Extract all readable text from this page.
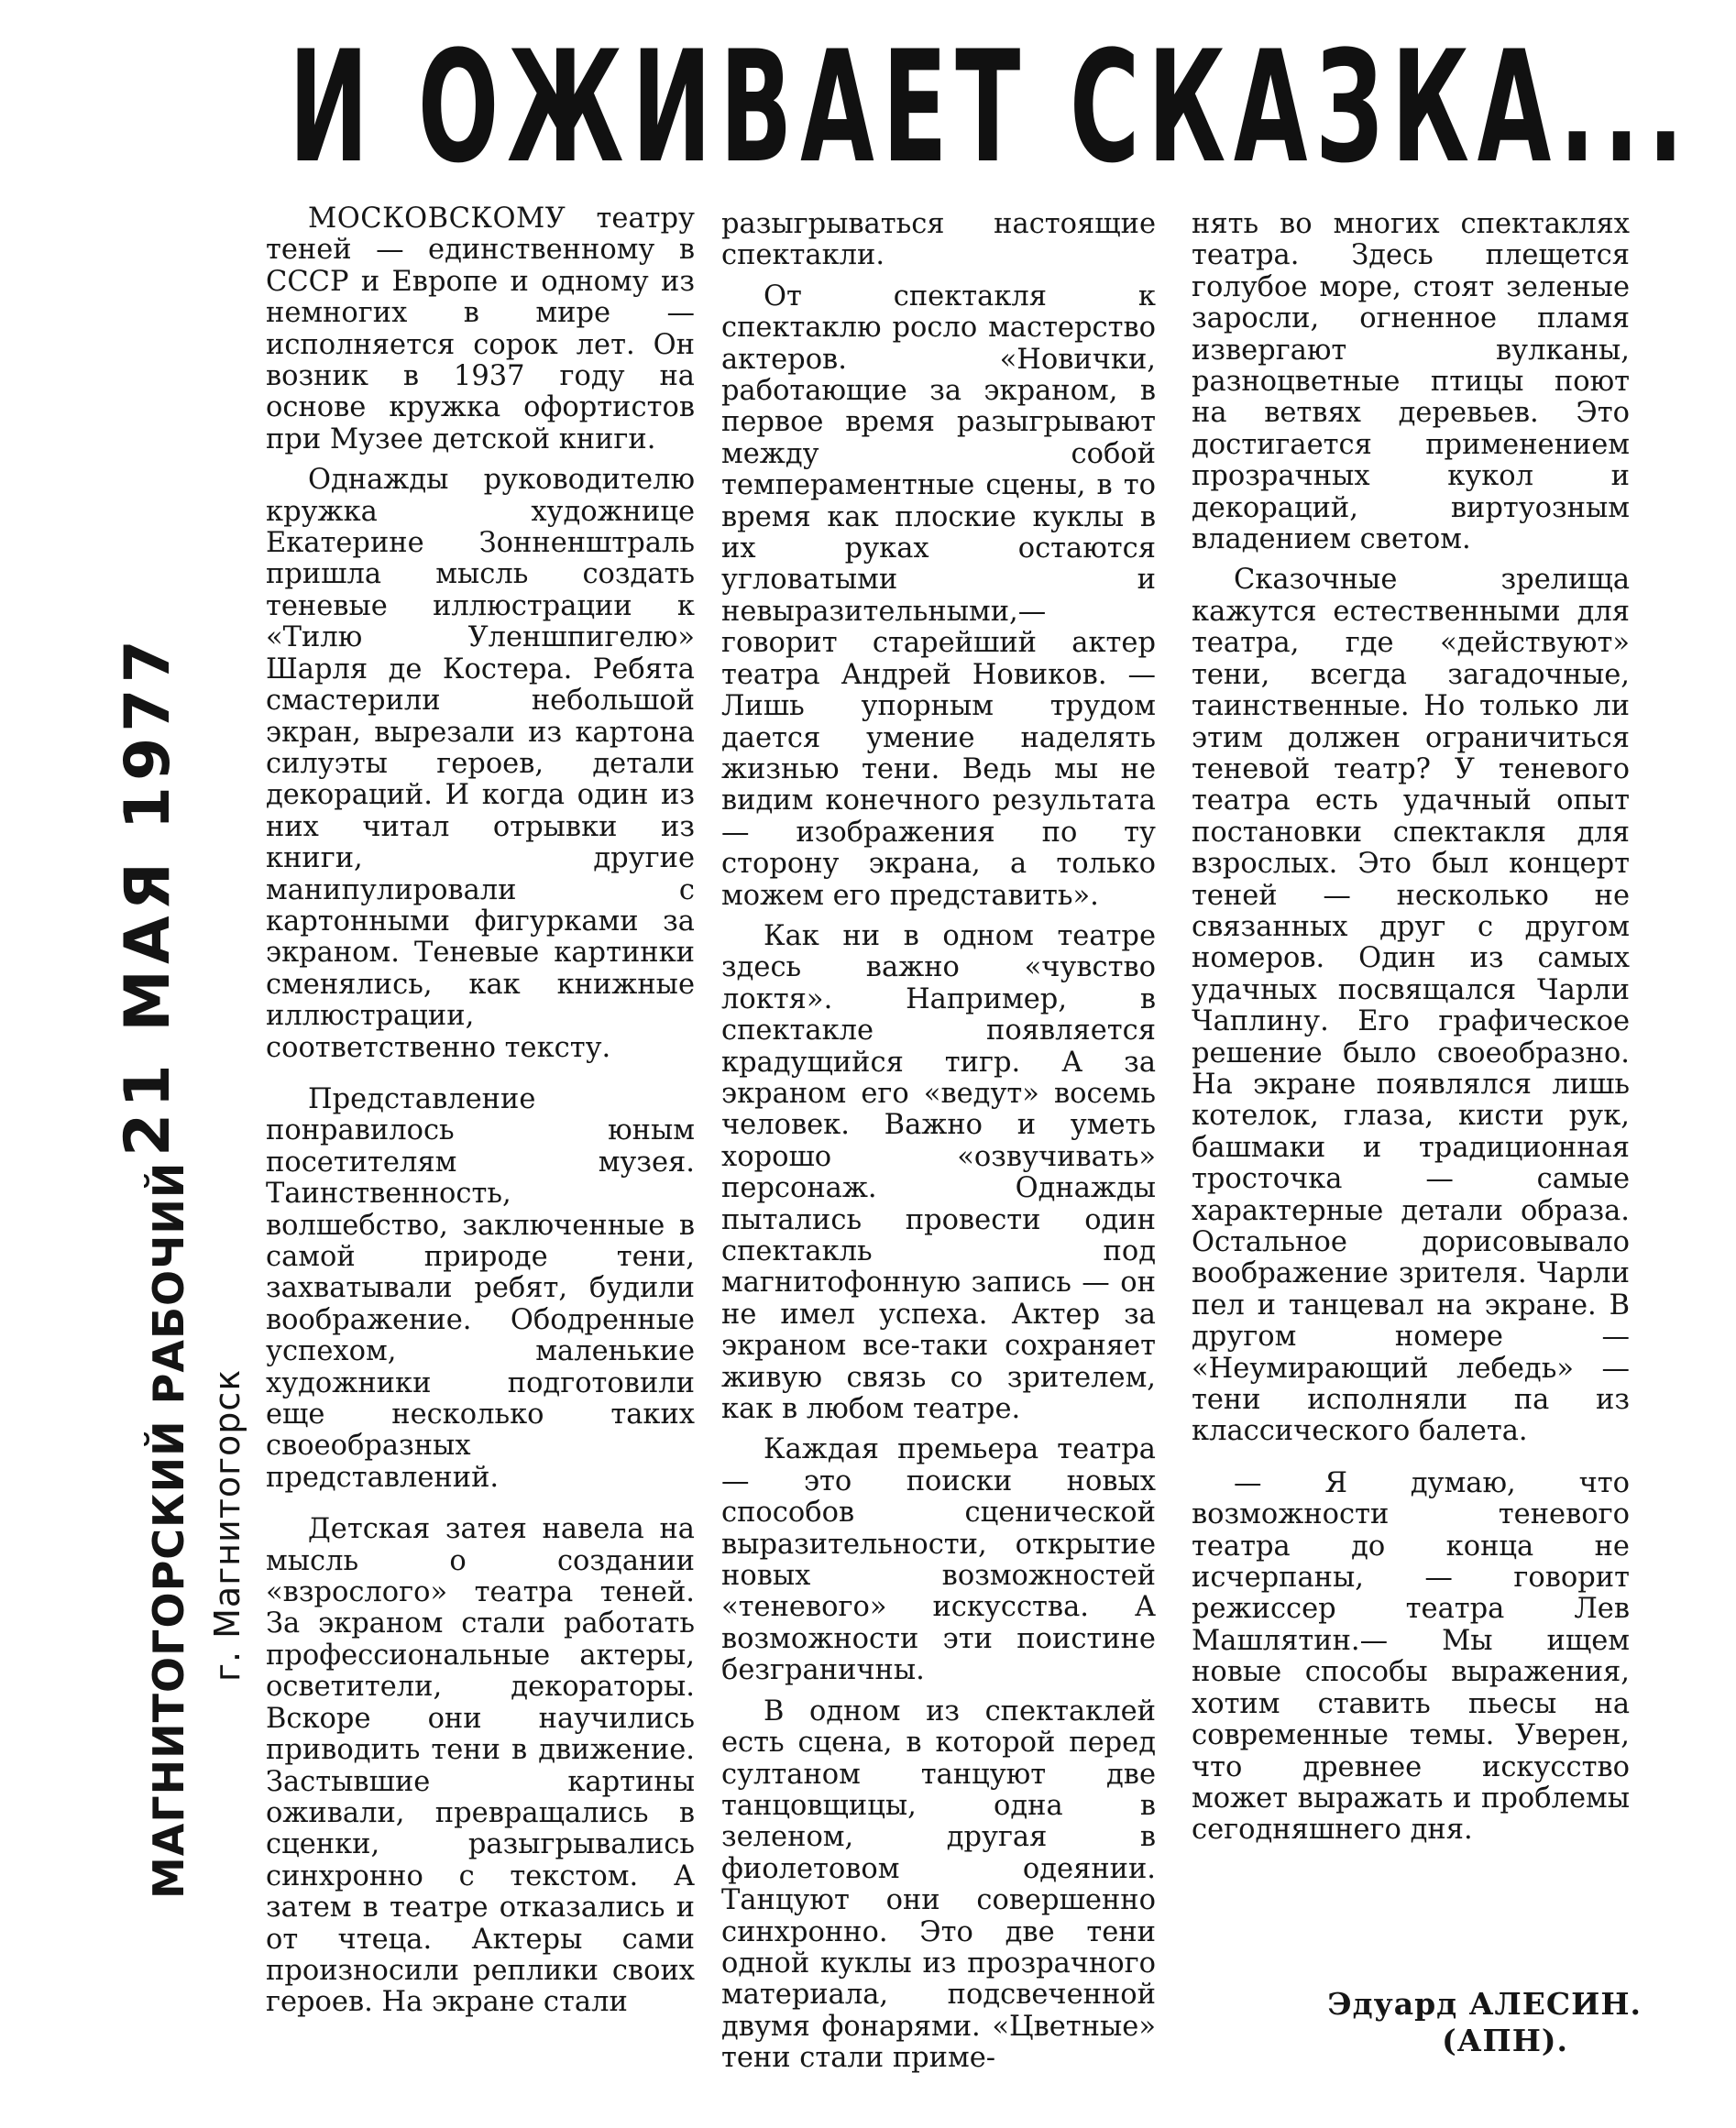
И ОЖИВАЕТ СКАЗКА...
21 МАЯ 1977
МАГНИТОГОРСКИЙ РАБОЧИЙ г. Магнитогорск

МОСКОВСКОМУ театру теней — единственному в СССР и Европе и одному из немногих в мире — исполняется сорок лет. Он возник в 1937 году на основе кружка офортистов при Музее детской книги.

Однажды руководителю кружка художнице Екатерине Зонненштраль пришла мысль создать теневые иллюстрации к «Тилю Уленшпигелю» Шарля де Костера. Ребята смастерили небольшой экран, вырезали из картона силуэты героев, детали декораций. И когда один из них читал отрывки из книги, другие манипулировали с картонными фигурками за экраном. Теневые картинки сменялись, как книжные иллюстрации, соответственно тексту.

Представление понравилось юным посетителям музея. Таинственность, волшебство, заключенные в самой природе тени, захватывали ребят, будили воображение. Ободренные успехом, маленькие художники подготовили еще несколько таких своеобразных представлений.

Детская затея навела на мысль о создании «взрослого» театра теней. За экраном стали работать профессиональные актеры, осветители, декораторы. Вскоре они научились приводить тени в движение. Застывшие картины оживали, превращались в сценки, разыгрывались синхронно с текстом. А затем в театре отказались и от чтеца. Актеры сами произносили реплики своих героев. На экране стали

разыгрываться настоящие спектакли.

От спектакля к спектаклю росло мастерство актеров. «Новички, работающие за экраном, в первое время разыгрывают между собой темпераментные сцены, в то время как плоские куклы в их руках остаются угловатыми и невыразительными,— говорит старейший актер театра Андрей Новиков. — Лишь упорным трудом дается умение наделять жизнью тени. Ведь мы не видим конечного результата — изображения по ту сторону экрана, а только можем его представить».

Как ни в одном театре здесь важно «чувство локтя». Например, в спектакле появляется крадущийся тигр. А за экраном его «ведут» восемь человек. Важно и уметь хорошо «озвучивать» персонаж. Однажды пытались провести один спектакль под магнитофонную запись — он не имел успеха. Актер за экраном все-таки сохраняет живую связь со зрителем, как в любом театре.

Каждая премьера театра — это поиски новых способов сценической выразительности, открытие новых возможностей «теневого» искусства. А возможности эти поистине безграничны.

В одном из спектаклей есть сцена, в которой перед султаном танцуют две танцовщицы, одна в зеленом, другая в фиолетовом одеянии. Танцуют они совершенно синхронно. Это две тени одной куклы из прозрачного материала, подсвеченной двумя фонарями. «Цветные» тени стали приме-

нять во многих спектаклях театра. Здесь плещется голубое море, стоят зеленые заросли, огненное пламя извергают вулканы, разноцветные птицы поют на ветвях деревьев. Это достигается применением прозрачных кукол и декораций, виртуозным владением светом.

Сказочные зрелища кажутся естественными для театра, где «действуют» тени, всегда загадочные, таинственные. Но только ли этим должен ограничиться теневой театр? У теневого театра есть удачный опыт постановки спектакля для взрослых. Это был концерт теней — несколько не связанных друг с другом номеров. Один из самых удачных посвящался Чарли Чаплину. Его графическое решение было своеобразно. На экране появлялся лишь котелок, глаза, кисти рук, башмаки и традиционная тросточка — самые характерные детали образа. Остальное дорисовывало воображение зрителя. Чарли пел и танцевал на экране. В другом номере — «Неумирающий лебедь» — тени исполняли па из классического балета.

— Я думаю, что возможности теневого театра до конца не исчерпаны, — говорит режиссер театра Лев Машлятин.— Мы ищем новые способы выражения, хотим ставить пьесы на современные темы. Уверен, что древнее искусство может выражать и проблемы сегодняшнего дня.

Эдуард АЛЕСИН.
(АПН).
